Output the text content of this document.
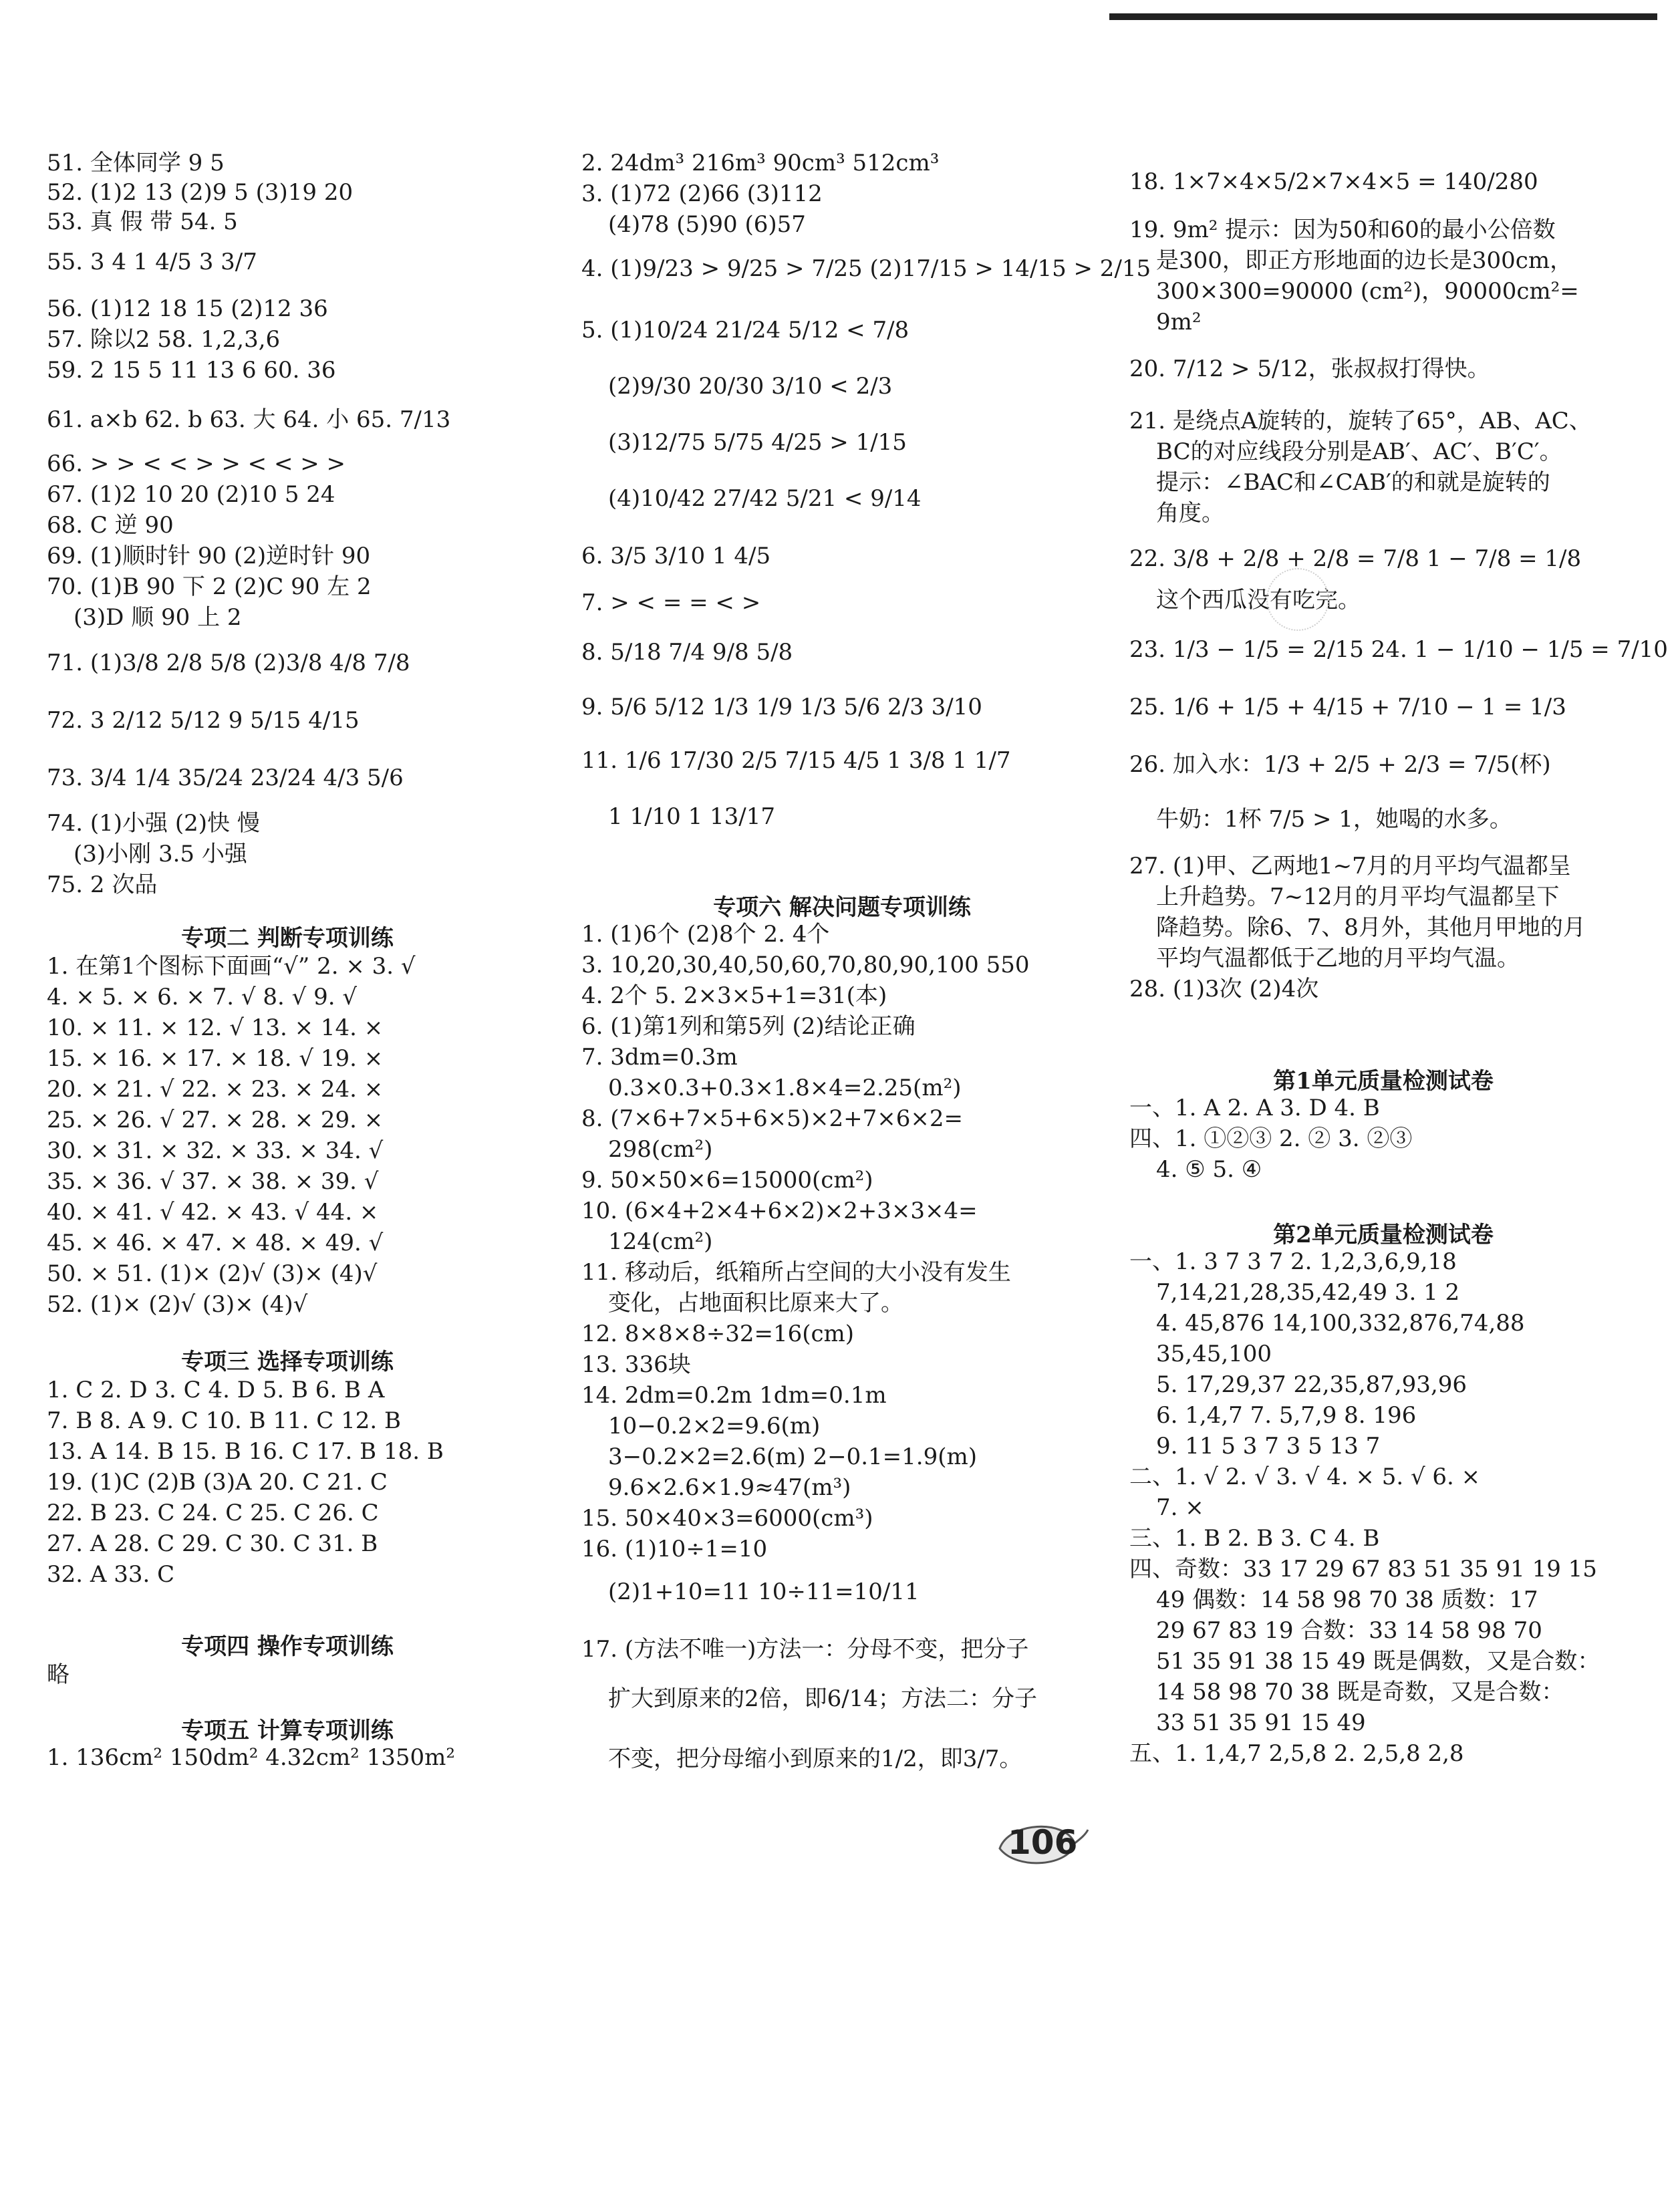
51. 全体同学 9 5
52. (1)2 13 (2)9 5 (3)19 20
53. 真 假 带 54. 5
55. 3 4 1 4/5 3 3/7
56. (1)12 18 15 (2)12 36
57. 除以2 58. 1,2,3,6
59. 2 15 5 11 13 6 60. 36
61. a×b 62. b 63. 大 64. 小 65. 7/13
66. > > < < > > < < > >
67. (1)2 10 20 (2)10 5 24
68. C 逆 90
69. (1)顺时针 90 (2)逆时针 90
70. (1)B 90 下 2 (2)C 90 左 2
(3)D 顺 90 上 2
71. (1)3/8 2/8 5/8 (2)3/8 4/8 7/8
72. 3 2/12 5/12 9 5/15 4/15
73. 3/4 1/4 35/24 23/24 4/3 5/6
74. (1)小强 (2)快 慢
(3)小刚 3.5 小强
75. 2 次品
专项二 判断专项训练
1. 在第1个图标下面画“√” 2. × 3. √
4. × 5. × 6. × 7. √ 8. √ 9. √
10. × 11. × 12. √ 13. × 14. ×
15. × 16. × 17. × 18. √ 19. ×
20. × 21. √ 22. × 23. × 24. ×
25. × 26. √ 27. × 28. × 29. ×
30. × 31. × 32. × 33. × 34. √
35. × 36. √ 37. × 38. × 39. √
40. × 41. √ 42. × 43. √ 44. ×
45. × 46. × 47. × 48. × 49. √
50. × 51. (1)× (2)√ (3)× (4)√
52. (1)× (2)√ (3)× (4)√
专项三 选择专项训练
1. C 2. D 3. C 4. D 5. B 6. B A
7. B 8. A 9. C 10. B 11. C 12. B
13. A 14. B 15. B 16. C 17. B 18. B
19. (1)C (2)B (3)A 20. C 21. C
22. B 23. C 24. C 25. C 26. C
27. A 28. C 29. C 30. C 31. B
32. A 33. C
专项四 操作专项训练
略
专项五 计算专项训练
1. 136cm² 150dm² 4.32cm² 1350m²
2. 24dm³ 216m³ 90cm³ 512cm³
3. (1)72 (2)66 (3)112
(4)78 (5)90 (6)57
4. (1)9/23 > 9/25 > 7/25 (2)17/15 > 14/15 > 2/15
5. (1)10/24 21/24 5/12 < 7/8
(2)9/30 20/30 3/10 < 2/3
(3)12/75 5/75 4/25 > 1/15
(4)10/42 27/42 5/21 < 9/14
6. 3/5 3/10 1 4/5
7. > < = = < >
8. 5/18 7/4 9/8 5/8
9. 5/6 5/12 1/3 1/9 1/3 5/6 2/3 3/10
11. 1/6 17/30 2/5 7/15 4/5 1 3/8 1 1/7
1 1/10 1 13/17
专项六 解决问题专项训练
1. (1)6个 (2)8个 2. 4个
3. 10,20,30,40,50,60,70,80,90,100 550
4. 2个 5. 2×3×5+1=31(本)
6. (1)第1列和第5列 (2)结论正确
7. 3dm=0.3m
0.3×0.3+0.3×1.8×4=2.25(m²)
8. (7×6+7×5+6×5)×2+7×6×2=
298(cm²)
9. 50×50×6=15000(cm²)
10. (6×4+2×4+6×2)×2+3×3×4=
124(cm²)
11. 移动后，纸箱所占空间的大小没有发生
变化，占地面积比原来大了。
12. 8×8×8÷32=16(cm)
13. 336块
14. 2dm=0.2m 1dm=0.1m
10−0.2×2=9.6(m)
3−0.2×2=2.6(m) 2−0.1=1.9(m)
9.6×2.6×1.9≈47(m³)
15. 50×40×3=6000(cm³)
16. (1)10÷1=10
(2)1+10=11 10÷11=10/11
17. (方法不唯一)方法一：分母不变，把分子
扩大到原来的2倍，即6/14；方法二：分子
不变，把分母缩小到原来的1/2，即3/7。
18. 1×7×4×5/2×7×4×5 = 140/280
19. 9m² 提示：因为50和60的最小公倍数
是300，即正方形地面的边长是300cm，
300×300=90000 (cm²)，90000cm²=
9m²
20. 7/12 > 5/12，张叔叔打得快。
21. 是绕点A旋转的，旋转了65°，AB、AC、
BC的对应线段分别是AB′、AC′、B′C′。
提示：∠BAC和∠CAB′的和就是旋转的
角度。
22. 3/8 + 2/8 + 2/8 = 7/8 1 − 7/8 = 1/8
这个西瓜没有吃完。
23. 1/3 − 1/5 = 2/15 24. 1 − 1/10 − 1/5 = 7/10
25. 1/6 + 1/5 + 4/15 + 7/10 − 1 = 1/3
26. 加入水：1/3 + 2/5 + 2/3 = 7/5(杯)
牛奶：1杯 7/5 > 1，她喝的水多。
27. (1)甲、乙两地1~7月的月平均气温都呈
上升趋势。7~12月的月平均气温都呈下
降趋势。除6、7、8月外，其他月甲地的月
平均气温都低于乙地的月平均气温。
28. (1)3次 (2)4次
第1单元质量检测试卷
一、1. A 2. A 3. D 4. B
四、1. ①②③ 2. ② 3. ②③
4. ⑤ 5. ④
第2单元质量检测试卷
一、1. 3 7 3 7 2. 1,2,3,6,9,18
7,14,21,28,35,42,49 3. 1 2
4. 45,876 14,100,332,876,74,88
35,45,100
5. 17,29,37 22,35,87,93,96
6. 1,4,7 7. 5,7,9 8. 196
9. 11 5 3 7 3 5 13 7
二、1. √ 2. √ 3. √ 4. × 5. √ 6. ×
7. ×
三、1. B 2. B 3. C 4. B
四、奇数：33 17 29 67 83 51 35 91 19 15
49 偶数：14 58 98 70 38 质数：17
29 67 83 19 合数：33 14 58 98 70
51 35 91 38 15 49 既是偶数，又是合数：
14 58 98 70 38 既是奇数，又是合数：
33 51 35 91 15 49
五、1. 1,4,7 2,5,8 2. 2,5,8 2,8
106
